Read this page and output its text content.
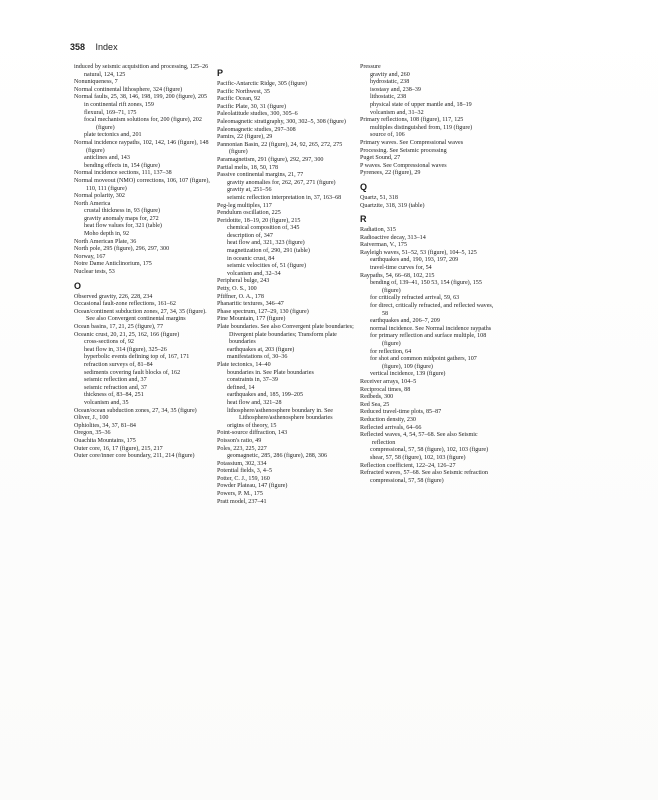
358 Index
induced by seismic acquisition and processing, 125–26
natural, 124, 125
Nonuniqueness, 7
Normal continental lithosphere, 324 (figure)
Normal faults, 25, 38, 146, 198, 199, 200 (figure), 205
in continental rift zones, 159
flexural, 169–71, 175
focal mechanism solutions for, 200 (figure), 202 (figure)
plate tectonics and, 201
Normal incidence raypaths, 102, 142, 146 (figure), 148 (figure)
anticlines and, 143
bending effects in, 154 (figure)
Normal incidence sections, 111, 137–38
Normal moveout (NMO) corrections, 106, 107 (figure), 110, 111 (figure)
Normal polarity, 302
North America
crustal thickness in, 93 (figure)
gravity anomaly maps for, 272
heat flow values for, 321 (table)
Moho depth in, 92
North American Plate, 36
North pole, 295 (figure), 296, 297, 300
Norway, 167
Notre Dame Anticlinorium, 175
Nuclear tests, 53
O
Observed gravity, 226, 228, 234
Occasional fault-zone reflections, 161–62
Ocean/continent subduction zones, 27, 34, 35 (figure). See also Convergent continental margins
Ocean basins, 17, 21, 25 (figure), 77
Oceanic crust, 20, 21, 25, 162, 166 (figure)
cross-sections of, 92
heat flow in, 314 (figure), 325–26
hyperbolic events defining top of, 167, 171
refraction surveys of, 81–84
sediments covering fault blocks of, 162
seismic reflection and, 37
seismic refraction and, 37
thickness of, 83–84, 251
volcanism and, 35
Ocean/ocean subduction zones, 27, 34, 35 (figure)
Oliver, J., 100
Ophiolites, 34, 37, 81–84
Oregon, 35–36
Ouachita Mountains, 175
Outer core, 16, 17 (figure), 215, 217
Outer core/inner core boundary, 211, 214 (figure)
P
Pacific-Antarctic Ridge, 305 (figure)
Pacific Northwest, 35
Pacific Ocean, 92
Pacific Plate, 30, 31 (figure)
Paleolatitude studies, 300, 305–6
Paleomagnetic stratigraphy, 300, 302–5, 308 (figure)
Paleomagnetic studies, 297–308
Pamirs, 22 (figure), 29
Pannonian Basin, 22 (figure), 24, 92, 265, 272, 275 (figure)
Paramagnetism, 291 (figure), 292, 297, 300
Partial melts, 18, 50, 178
Passive continental margins, 21, 77
gravity anomalies for, 262, 267, 271 (figure)
gravity at, 251–56
seismic reflection interpretation in, 37, 163–68
Peg-leg multiples, 117
Pendulum oscillation, 225
Peridotite, 18–19, 20 (figure), 215
chemical composition of, 345
description of, 347
heat flow and, 321, 323 (figure)
magnetization of, 290, 291 (table)
in oceanic crust, 84
seismic velocities of, 51 (figure)
volcanism and, 32–34
Peripheral bulge, 243
Petty, O. S., 100
Pfiffner, O. A., 178
Phanaritic textures, 346–47
Phase spectrum, 127–29, 130 (figure)
Pine Mountain, 177 (figure)
Plate boundaries. See also Convergent plate boundaries; Divergent plate boundaries; Transform plate boundaries
earthquakes at, 203 (figure)
manifestations of, 30–36
Plate tectonics, 14–40
boundaries in. See Plate boundaries
constraints in, 37–39
defined, 14
earthquakes and, 185, 199–205
heat flow and, 321–28
lithosphere/asthenosphere boundary in. See Lithosphere/asthenosphere boundaries
origins of theory, 15
Point-source diffraction, 143
Poisson's ratio, 49
Poles, 223, 225, 227
geomagnetic, 285, 286 (figure), 288, 306
Potassium, 302, 334
Potential fields, 3, 4–5
Potter, C. J., 159, 160
Powder Plateau, 147 (figure)
Powers, P. M., 175
Pratt model, 237–41
Pressure
gravity and, 260
hydrostatic, 238
isostasy and, 238–39
lithostatic, 238
physical state of upper mantle and, 18–19
volcanism and, 31–32
Primary reflections, 108 (figure), 117, 125
multiples distinguished from, 119 (figure)
source of, 106
Primary waves. See Compressional waves
Processing. See Seismic processing
Puget Sound, 27
P waves. See Compressional waves
Pyrenees, 22 (figure), 29
Q
Quartz, 51, 318
Quartzite, 318, 319 (table)
R
Radiation, 315
Radioactive decay, 313–14
Raiverman, V., 175
Rayleigh waves, 51–52, 53 (figure), 104–5, 125
earthquakes and, 190, 193, 197, 209
travel-time curves for, 54
Raypaths, 54, 66–68, 102, 215
bending of, 139–41, 150 53, 154 (figure), 155 (figure)
for critically refracted arrival, 59, 63
for direct, critically refracted, and reflected waves, 58
earthquakes and, 206–7, 209
normal incidence. See Normal incidence raypaths
for primary reflection and surface multiple, 108 (figure)
for reflection, 64
for shot and common midpoint gathers, 107 (figure), 109 (figure)
vertical incidence, 139 (figure)
Receiver arrays, 104–5
Reciprocal times, 88
Redbeds, 300
Red Sea, 25
Reduced travel-time plots, 85–87
Reduction density, 230
Reflected arrivals, 64–66
Reflected waves, 4, 54, 57–68. See also Seismic reflection
compressional, 57, 58 (figure), 102, 103 (figure)
shear, 57, 58 (figure), 102, 103 (figure)
Reflection coefficient, 122–24, 126–27
Refracted waves, 57–68. See also Seismic refraction
compressional, 57, 58 (figure)
